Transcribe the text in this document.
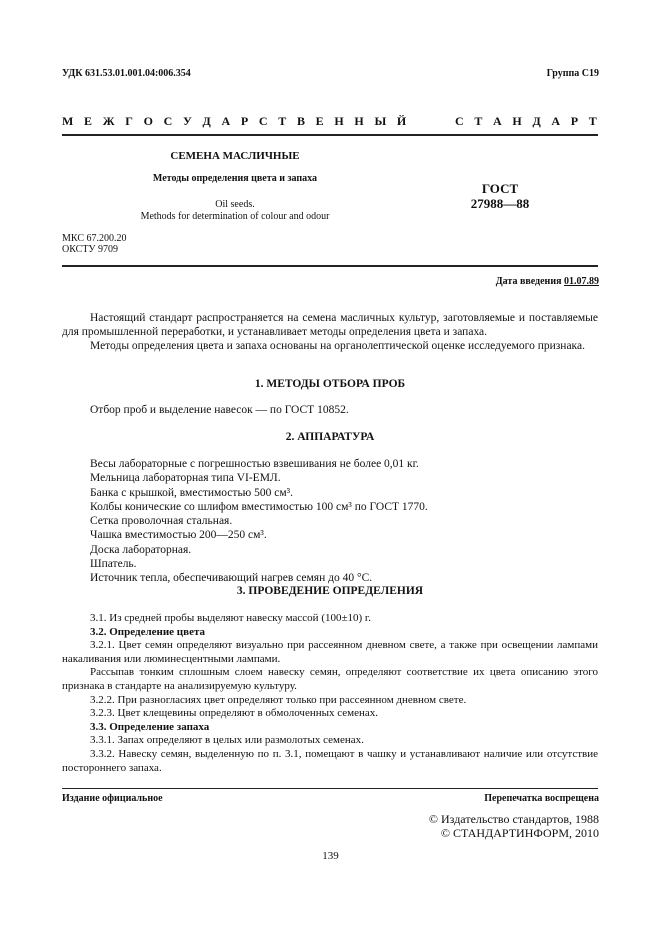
УДК 631.53.01.001.04:006.354	Группа С19
М Е Ж Г О С У Д А Р С Т В Е Н Н Ы Й     С Т А Н Д А Р Т
СЕМЕНА МАСЛИЧНЫЕ
Методы определения цвета и запаха
Oil seeds.
Methods for determination of colour and odour
ГОСТ
27988—88
МКС 67.200.20
ОКСТУ 9709
Дата введения 01.07.89

Настоящий стандарт распространяется на семена масличных культур, заготовляемые и поставляемые для промышленной переработки, и устанавливает методы определения цвета и запаха.

Методы определения цвета и запаха основаны на органолептической оценке исследуемого признака.

1. МЕТОДЫ ОТБОРА ПРОБ

Отбор проб и выделение навесок — по ГОСТ 10852.

2. АППАРАТУРА
Весы лабораторные с погрешностью взвешивания не более 0,01 кг.
Мельница лабораторная типа VI-ЕМЛ.
Банка с крышкой, вместимостью 500 см³.
Колбы конические со шлифом вместимостью 100 см³ по ГОСТ 1770.
Сетка проволочная стальная.
Чашка вместимостью 200—250 см³.
Доска лабораторная.
Шпатель.
Источник тепла, обеспечивающий нагрев семян до 40 °С.
3. ПРОВЕДЕНИЕ ОПРЕДЕЛЕНИЯ

3.1. Из средней пробы выделяют навеску массой (100±10) г.

3.2. Определение цвета

3.2.1. Цвет семян определяют визуально при рассеянном дневном свете, а также при освещении лампами накаливания или люминесцентными лампами.

Рассыпав тонким сплошным слоем навеску семян, определяют соответствие их цвета описанию этого признака в стандарте на анализируемую культуру.

3.2.2. При разногласиях цвет определяют только при рассеянном дневном свете.

3.2.3. Цвет клещевины определяют в обмолоченных семенах.

3.3. Определение запаха

3.3.1. Запах определяют в целых или размолотых семенах.

3.3.2. Навеску семян, выделенную по п. 3.1, помещают в чашку и устанавливают наличие или отсутствие постороннего запаха.

Издание официальное	Перепечатка воспрещена
© Издательство стандартов, 1988
© СТАНДАРТИНФОРМ, 2010
139
